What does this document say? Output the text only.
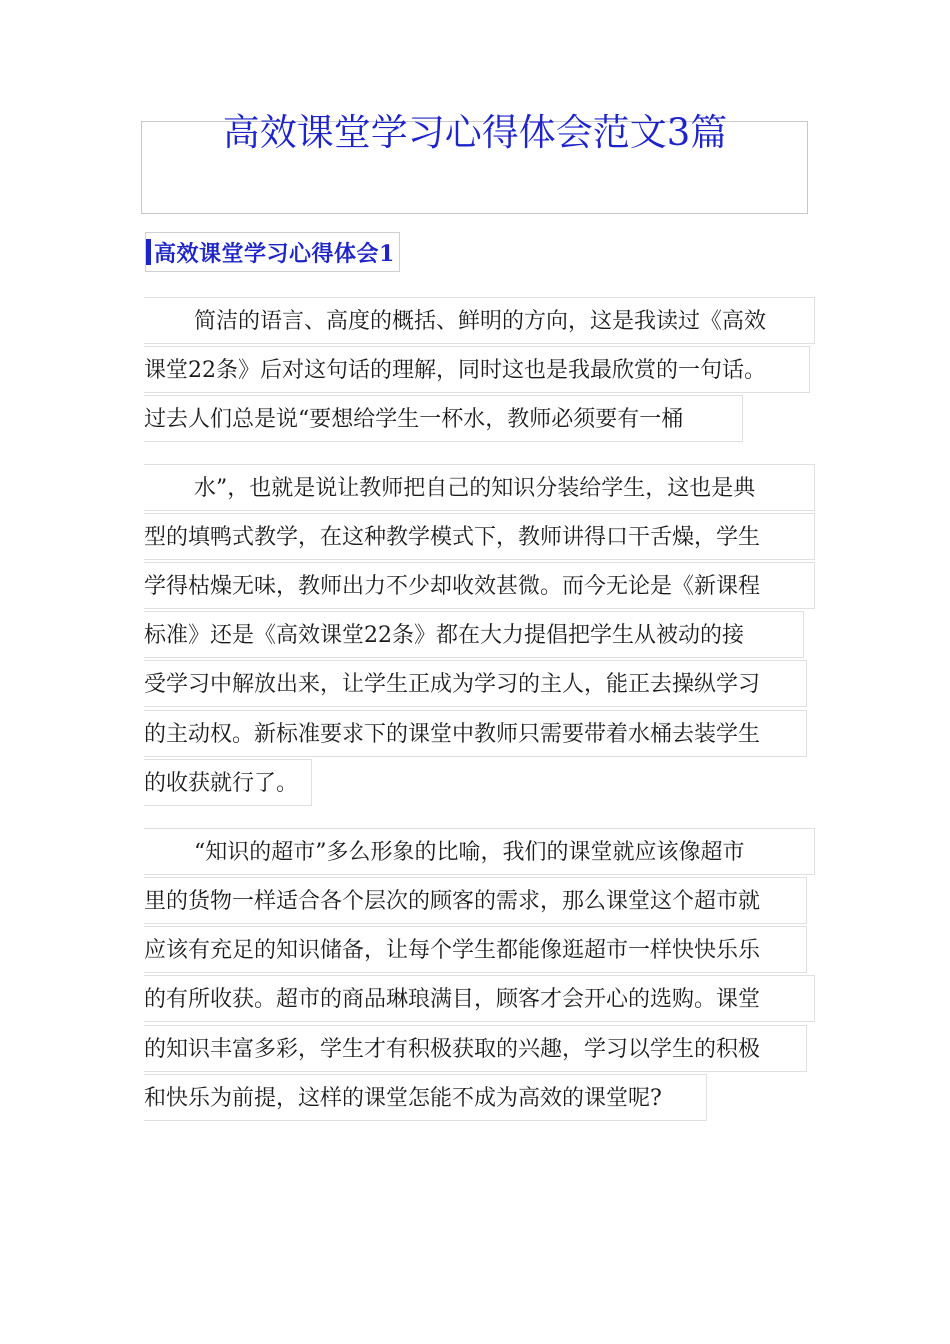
高效课堂学习心得体会范文3篇
高效课堂学习心得体会1
简洁的语言、高度的概括、鲜明的方向，这是我读过《高效
课堂22条》后对这句话的理解，同时这也是我最欣赏的一句话。
过去人们总是说“要想给学生一杯水，教师必须要有一桶
水”，也就是说让教师把自己的知识分装给学生，这也是典
型的填鸭式教学，在这种教学模式下，教师讲得口干舌燥，学生
学得枯燥无味，教师出力不少却收效甚微。而今无论是《新课程
标准》还是《高效课堂22条》都在大力提倡把学生从被动的接
受学习中解放出来，让学生正成为学习的主人，能正去操纵学习
的主动权。新标准要求下的课堂中教师只需要带着水桶去装学生
的收获就行了。
“知识的超市”多么形象的比喻，我们的课堂就应该像超市
里的货物一样适合各个层次的顾客的需求，那么课堂这个超市就
应该有充足的知识储备，让每个学生都能像逛超市一样快快乐乐
的有所收获。超市的商品琳琅满目，顾客才会开心的选购。课堂
的知识丰富多彩，学生才有积极获取的兴趣，学习以学生的积极
和快乐为前提，这样的课堂怎能不成为高效的课堂呢?
